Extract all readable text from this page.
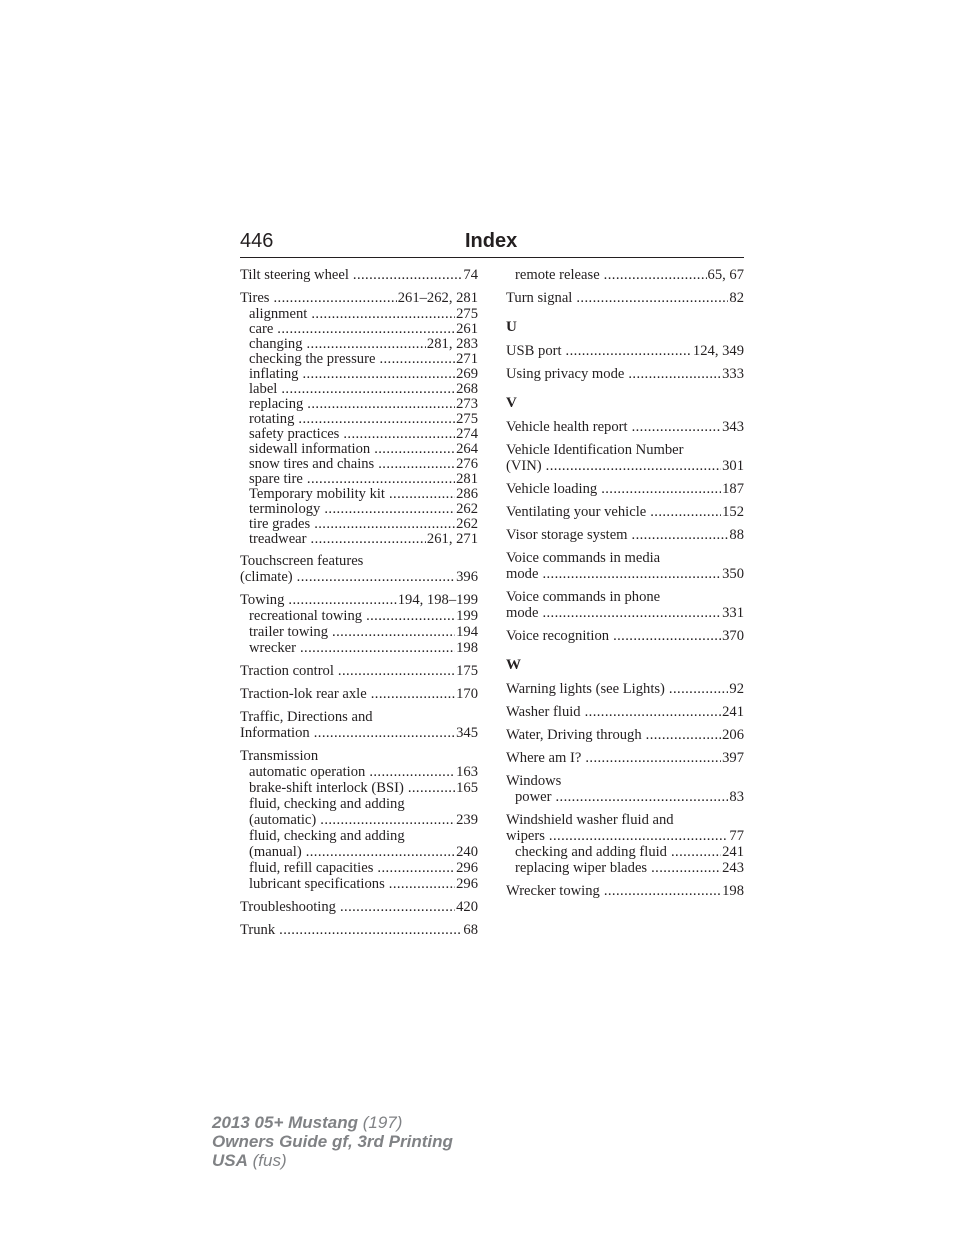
446	Index
Tilt steering wheel .....	74
Tires .....	261–262, 281
alignment .....	275
care .....	261
changing .....	281, 283
checking the pressure .....	271
inflating .....	269
label .....	268
replacing .....	273
rotating .....	275
safety practices .....	274
sidewall information .....	264
snow tires and chains .....	276
spare tire .....	281
Temporary mobility kit .....	286
terminology .....	262
tire grades .....	262
treadwear .....	261, 271
Touchscreen features
(climate) .....	396
Towing .....	194, 198–199
recreational towing .....	199
trailer towing .....	194
wrecker .....	198
Traction control .....	175
Traction-lok rear axle .....	170
Traffic, Directions and
Information .....	345
Transmission
automatic operation .....	163
brake-shift interlock (BSI) .....	165
fluid, checking and adding
(automatic) .....	239
fluid, checking and adding
(manual) .....	240
fluid, refill capacities .....	296
lubricant specifications .....	296
Troubleshooting .....	420
Trunk .....	68
remote release .....	65, 67
Turn signal .....	82
U
USB port .....	124, 349
Using privacy mode .....	333
V
Vehicle health report .....	343
Vehicle Identification Number
(VIN) .....	301
Vehicle loading .....	187
Ventilating your vehicle .....	152
Visor storage system .....	88
Voice commands in media
mode .....	350
Voice commands in phone
mode .....	331
Voice recognition .....	370
W
Warning lights (see Lights) .....	92
Washer fluid .....	241
Water, Driving through .....	206
Where am I? .....	397
Windows
power .....	83
Windshield washer fluid and
wipers .....	77
checking and adding fluid .....	241
replacing wiper blades .....	243
Wrecker towing .....	198
2013 05+ Mustang (197)
Owners Guide gf, 3rd Printing
USA (fus)
